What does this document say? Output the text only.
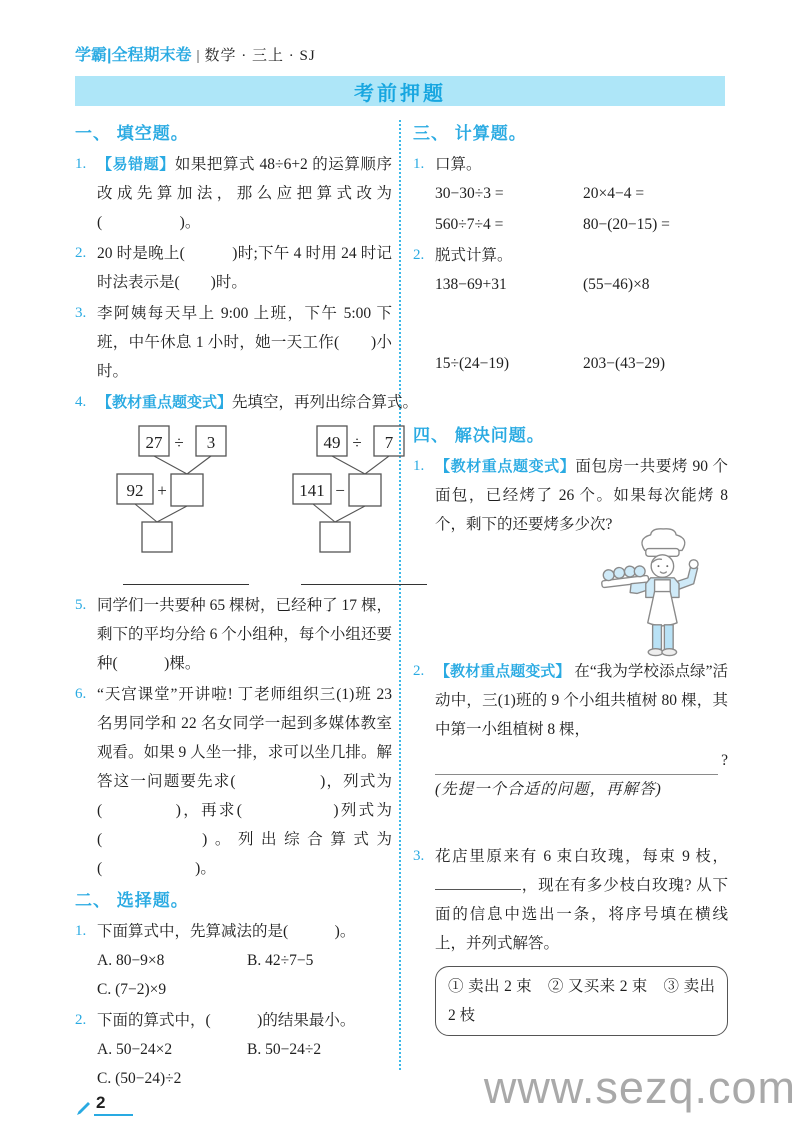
学霸|全程期末卷 | 数学 · 三上 · SJ
考前押题
一、 填空题。
1. 【易错题】如果把算式 48÷6+2 的运算顺序改成先算加法，那么应把算式改为(　　　　　)。
2. 20 时是晚上(　　　)时;下午 4 时用 24 时记时法表示是(　　)时。
3. 李阿姨每天早上 9:00 上班，下午 5:00 下班，中午休息 1 小时，她一天工作(　　)小时。
4. 【教材重点题变式】先填空，再列出综合算式。
27 ÷ 3
92 +
49 ÷ 7
141 −
5. 同学们一共要种 65 棵树，已经种了 17 棵，剩下的平均分给 6 个小组种，每个小组还要种(　　　)棵。
6. “天宫课堂”开讲啦! 丁老师组织三(1)班 23 名男同学和 22 名女同学一起到多媒体教室观看。如果 9 人坐一排，求可以坐几排。解答这一问题要先求(　　　　　)，列式为(　　　　)，再求(　　　　　)列式为(　　　　)。列出综合算式为(　　　　　　)。
二、 选择题。
1. 下面算式中，先算减法的是(　　　)。
A. 80−9×8	B. 42÷7−5
C. (7−2)×9
2. 下面的算式中，(　　　)的结果最小。
A. 50−24×2	B. 50−24÷2
C. (50−24)÷2
三、 计算题。
1. 口算。
30−30÷3 =	20×4−4 =
560÷7÷4 =	80−(20−15) =
2. 脱式计算。
138−69+31	(55−46)×8
15÷(24−19)	203−(43−29)
四、 解决问题。
1. 【教材重点题变式】面包房一共要烤 90 个面包，已经烤了 26 个。如果每次能烤 8 个，剩下的还要烤多少次?
2. 【教材重点题变式】 在“我为学校添点绿”活动中，三(1)班的 9 个小组共植树 80 棵，其中第一小组植树 8 棵，
?
(先提一个合适的问题，再解答)
3. 花店里原来有 6 束白玫瑰，每束 9 枝，，现在有多少枝白玫瑰? 从下面的信息中选出一条，将序号填在横线上，并列式解答。
① 卖出 2 束　② 又买来 2 束　③ 卖出 2 枝
2	www.sezq.com
